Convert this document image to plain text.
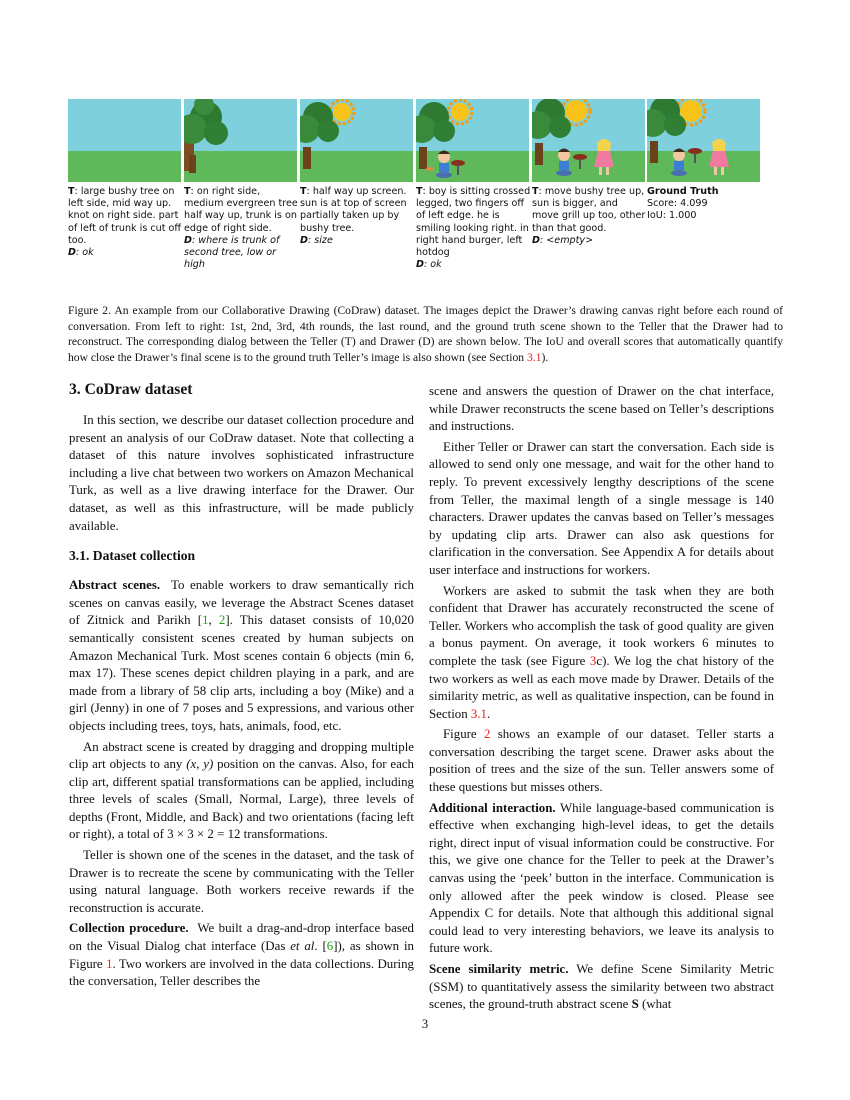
T: large bushy tree on left side, mid way up. knot on right side. part of left of trunk is cut off too.
D: ok
T: on right side, medium evergreen tree half way up, trunk is on edge of right side.
D: where is trunk of second tree, low or high
T: half way up screen. sun is at top of screen partially taken up by bushy tree.
D: size
T: boy is sitting crossed legged, two fingers off of left edge. he is smiling looking right. in right hand burger, left hotdog
D: ok
T: move bushy tree up, sun is bigger, and move grill up too, other than that good.
D: <empty>
Ground Truth
Score: 4.099
IoU: 1.000
Figure 2. An example from our Collaborative Drawing (CoDraw) dataset. The images depict the Drawer’s drawing canvas right before each round of conversation. From left to right: 1st, 2nd, 3rd, 4th rounds, the last round, and the ground truth scene shown to the Teller that the Drawer had to reconstruct. The corresponding dialog between the Teller (T) and Drawer (D) are shown below. The IoU and overall scores that automatically quantify how close the Drawer’s final scene is to the ground truth Teller’s image is also shown (see Section 3.1).
3. CoDraw dataset

In this section, we describe our dataset collection procedure and present an analysis of our CoDraw dataset. Note that collecting a dataset of this nature involves sophisticated infrastructure including a live chat between two workers on Amazon Mechanical Turk, as well as a live drawing interface for the Drawer. Our dataset, as well as this infrastructure, will be made publicly available.

3.1. Dataset collection

Abstract scenes. To enable workers to draw semantically rich scenes on canvas easily, we leverage the Abstract Scenes dataset of Zitnick and Parikh [1, 2]. This dataset consists of 10,020 semantically consistent scenes created by human subjects on Amazon Mechanical Turk. Most scenes contain 6 objects (min 6, max 17). These scenes depict children playing in a park, and are made from a library of 58 clip arts, including a boy (Mike) and a girl (Jenny) in one of 7 poses and 5 expressions, and various other objects including trees, toys, hats, animals, food, etc.

An abstract scene is created by dragging and dropping multiple clip art objects to any (x, y) position on the canvas. Also, for each clip art, different spatial transformations can be applied, including three levels of scales (Small, Normal, Large), three levels of depths (Front, Middle, and Back) and two orientations (facing left or right), a total of 3 × 3 × 2 = 12 transformations.

Teller is shown one of the scenes in the dataset, and the task of Drawer is to recreate the scene by communicating with the Teller using natural language. Both workers receive rewards if the reconstruction is accurate.

Collection procedure. We built a drag-and-drop interface based on the Visual Dialog chat interface (Das et al. [6]), as shown in Figure 1. Two workers are involved in the data collections. During the conversation, Teller describes the

scene and answers the question of Drawer on the chat interface, while Drawer reconstructs the scene based on Teller’s descriptions and instructions.

Either Teller or Drawer can start the conversation. Each side is allowed to send only one message, and wait for the other hand to reply. To prevent excessively lengthy descriptions of the scene from Teller, the maximal length of a single message is 140 characters. Drawer updates the canvas based on Teller’s messages by updating clip arts. Drawer can also ask questions for clarification in the conversation. See Appendix A for details about user interface and instructions for workers.

Workers are asked to submit the task when they are both confident that Drawer has accurately reconstructed the scene of Teller. Workers who accomplish the task of good quality are given a bonus payment. On average, it took workers 6 minutes to complete the task (see Figure 3c). We log the chat history of the two workers as well as each move made by Drawer. Details of the similarity metric, as well as qualitative inspection, can be found in Section 3.1.

Figure 2 shows an example of our dataset. Teller starts a conversation describing the target scene. Drawer asks about the position of trees and the size of the sun. Teller answers some of these questions but misses others.

Additional interaction. While language-based communication is effective when exchanging high-level ideas, to get the details right, direct input of visual information could be constructive. For this, we give one chance for the Teller to peek at the Drawer’s canvas using the ‘peek’ button in the interface. Communication is only allowed after the peek window is closed. Please see Appendix C for details. Note that although this additional signal could lead to very interesting behaviors, we leave its analysis to future work.

Scene similarity metric. We define Scene Similarity Metric (SSM) to quantitatively assess the similarity between two abstract scenes, the ground-truth abstract scene S (what

3
